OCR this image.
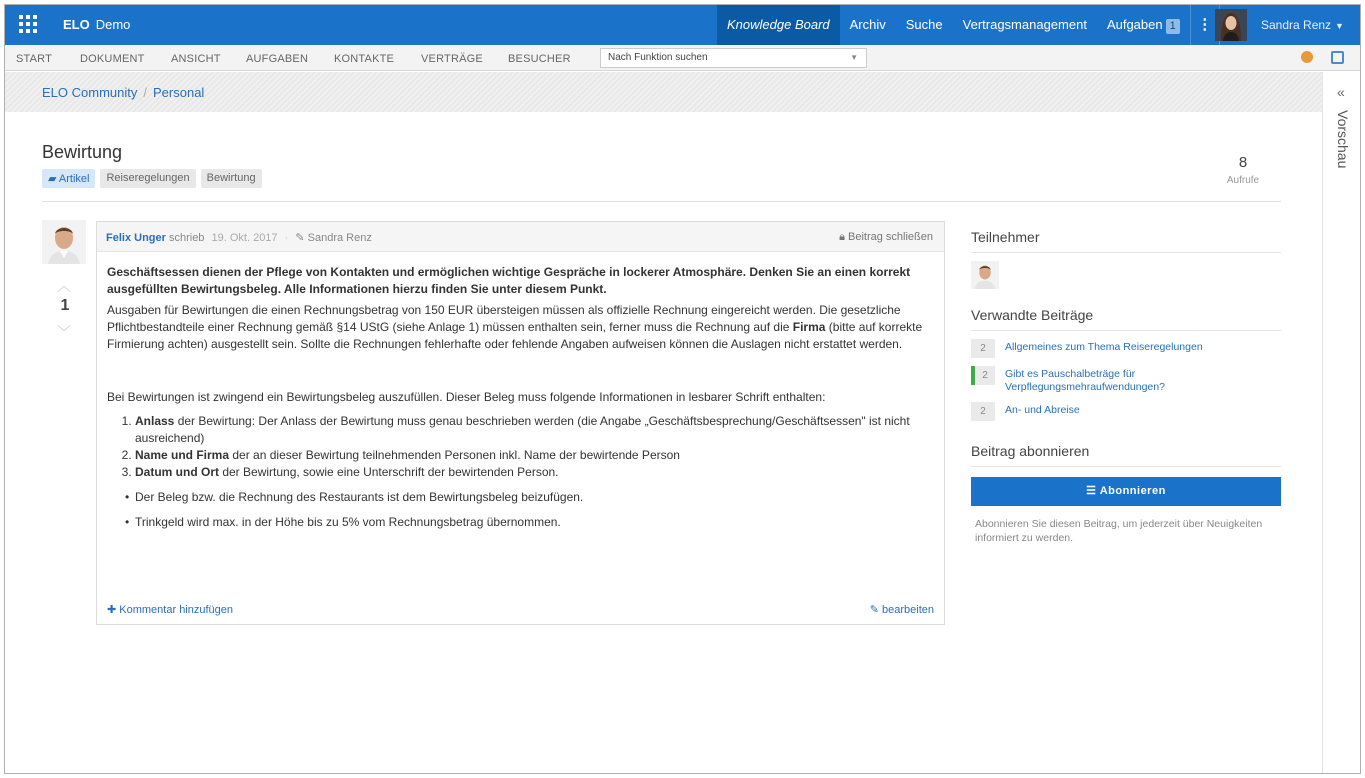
ELO Demo	Knowledge Board	Archiv	Suche	Vertragsmanagement	Aufgaben 1	⋮	Sandra Renz ▼
START	DOKUMENT ANSICHT AUFGABEN KONTAKTE VERTRÄGE BESUCHER	Nach Funktion suchen	▼
ELO Community / Personal
Bewirtung
▰ Artikel	Reiseregelungen	Bewirtung
8
Aufrufe
︿
1
﹀
Felix Unger schrieb 19. Okt. 2017 · ✎ Sandra Renz	🔒︎ Beitrag schließen

Geschäftsessen dienen der Pflege von Kontakten und ermöglichen wichtige Gespräche in lockerer Atmosphäre. Denken Sie an einen korrekt ausgefüllten Bewirtungsbeleg. Alle Informationen hierzu finden Sie unter diesem Punkt.

Ausgaben für Bewirtungen die einen Rechnungsbetrag von 150 EUR übersteigen müssen als offizielle Rechnung eingereicht werden. Die gesetzliche Pflichtbestandteile einer Rechnung gemäß §14 UStG (siehe Anlage 1) müssen enthalten sein, ferner muss die Rechnung auf die Firma (bitte auf korrekte Firmierung achten) ausgestellt sein. Sollte die Rechnungen fehlerhafte oder fehlende Angaben aufweisen können die Auslagen nicht erstattet werden.

Bei Bewirtungen ist zwingend ein Bewirtungsbeleg auszufüllen. Dieser Beleg muss folgende Informationen in lesbarer Schrift enthalten:

1. Anlass der Bewirtung: Der Anlass der Bewirtung muss genau beschrieben werden (die Angabe „Geschäftsbesprechung/Geschäftsessen" ist nicht ausreichend)
2. Name und Firma der an dieser Bewirtung teilnehmenden Personen inkl. Name der bewirtende Person
3. Datum und Ort der Bewirtung, sowie eine Unterschrift der bewirtenden Person.
• Der Beleg bzw. die Rechnung des Restaurants ist dem Bewirtungsbeleg beizufügen.
• Trinkgeld wird max. in der Höhe bis zu 5% vom Rechnungsbetrag übernommen.
✚ Kommentar hinzufügen	✎ bearbeiten
Teilnehmer
Verwandte Beiträge
2	Allgemeines zum Thema Reiseregelungen
2	Gibt es Pauschalbeträge für Verpflegungsmehraufwendungen?
2	An- und Abreise
Beitrag abonnieren
☰ Abonnieren
Abonnieren Sie diesen Beitrag, um jederzeit über Neuigkeiten informiert zu werden.
«
Vorschau
